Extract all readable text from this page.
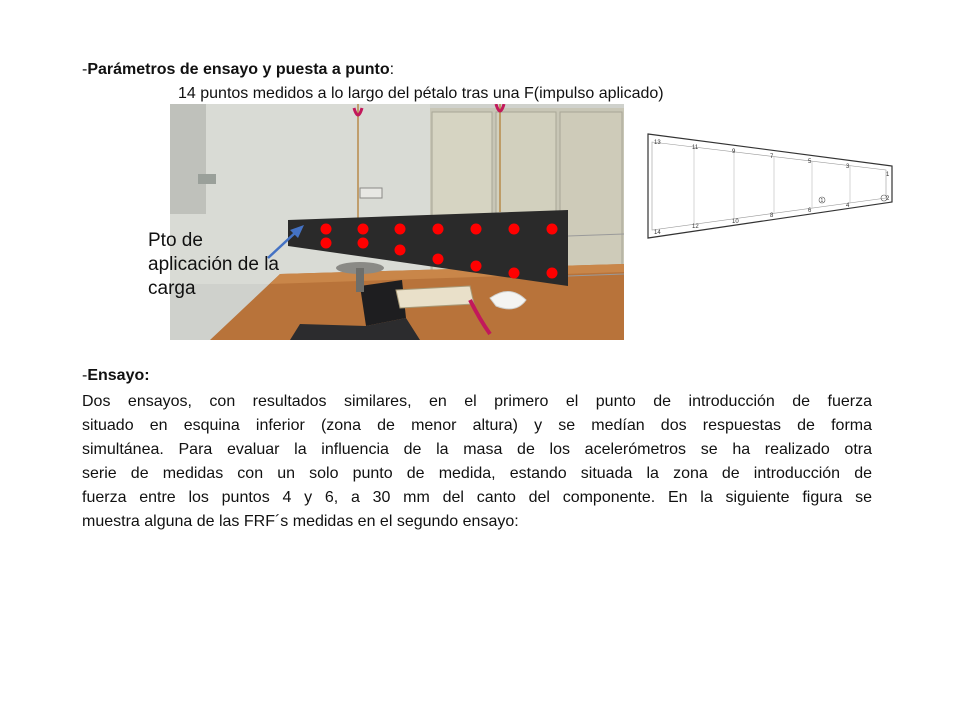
-Parámetros de ensayo y puesta a punto:
14 puntos medidos a lo largo del pétalo tras una F(impulso aplicado)
13
11
9
7
5
3
1
14
12
10
8
6
4
2
1
Pto de
aplicación de la
carga
-Ensayo:
Dos ensayos, con resultados similares, en el primero el punto de introducción de fuerza
situado en esquina inferior (zona de menor altura) y se medían dos respuestas de forma
simultánea. Para evaluar la influencia de la masa de los acelerómetros se ha realizado otra
serie de medidas con un solo punto de medida, estando situada la zona de introducción de
fuerza entre los puntos 4 y 6, a 30 mm del canto del componente. En la siguiente figura se
muestra alguna de las FRF´s medidas en el segundo ensayo:
